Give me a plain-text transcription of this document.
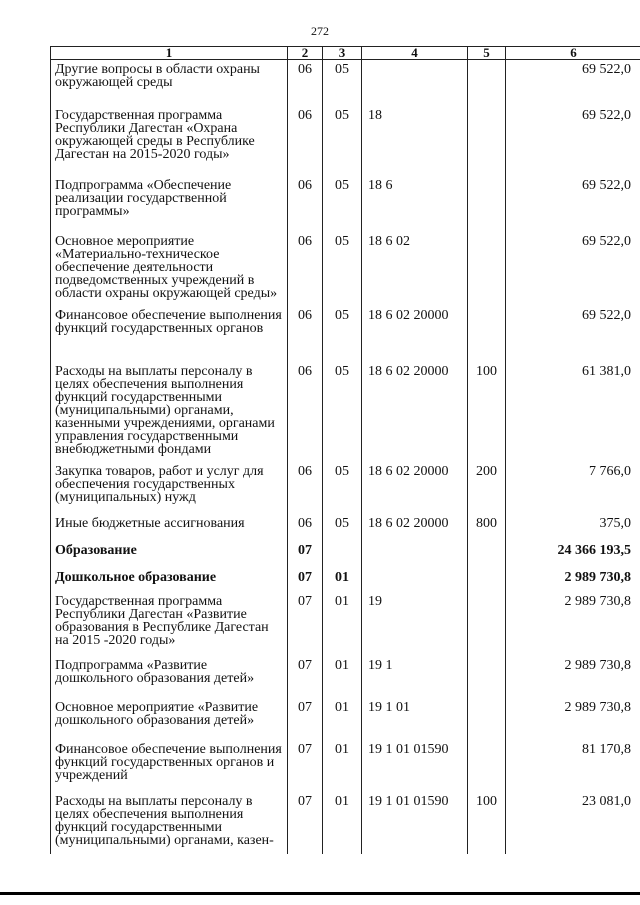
272
1	2	3	4	5	6
Другие вопросы в области охраны окружающей среды	06	05			69 522,0
Государственная программа Республики Дагестан «Охрана окружающей среды в Республике Дагестан на 2015-2020 годы»	06	05	18		69 522,0
Подпрограмма «Обеспечение реализации государственной программы»	06	05	18 6		69 522,0
Основное мероприятие «Материально-техническое обеспечение деятельности подведомственных учреждений в области охраны окружающей среды»	06	05	18 6 02		69 522,0
Финансовое обеспечение выполнения функций государственных органов	06	05	18 6 02 20000		69 522,0
Расходы на выплаты персоналу в целях обеспечения выполнения функций государственными (муниципальными) органами, казенными учреждениями, органами управления государственными внебюджетными фондами	06	05	18 6 02 20000	100	61 381,0
Закупка товаров, работ и услуг для обеспечения государственных (муниципальных) нужд	06	05	18 6 02 20000	200	7 766,0
Иные бюджетные ассигнования	06	05	18 6 02 20000	800	375,0
Образование	07				24 366 193,5
Дошкольное образование	07	01			2 989 730,8
Государственная программа Республики Дагестан «Развитие образования в Республике Дагестан на 2015 -2020 годы»	07	01	19		2 989 730,8
Подпрограмма «Развитие дошкольного образования детей»	07	01	19 1		2 989 730,8
Основное мероприятие «Развитие дошкольного образования детей»	07	01	19 1 01		2 989 730,8
Финансовое обеспечение выполнения функций государственных органов и учреждений	07	01	19 1 01 01590		81 170,8
Расходы на выплаты персоналу в целях обеспечения выполнения функций государственными (муниципальными) органами, казен-	07	01	19 1 01 01590	100	23 081,0
